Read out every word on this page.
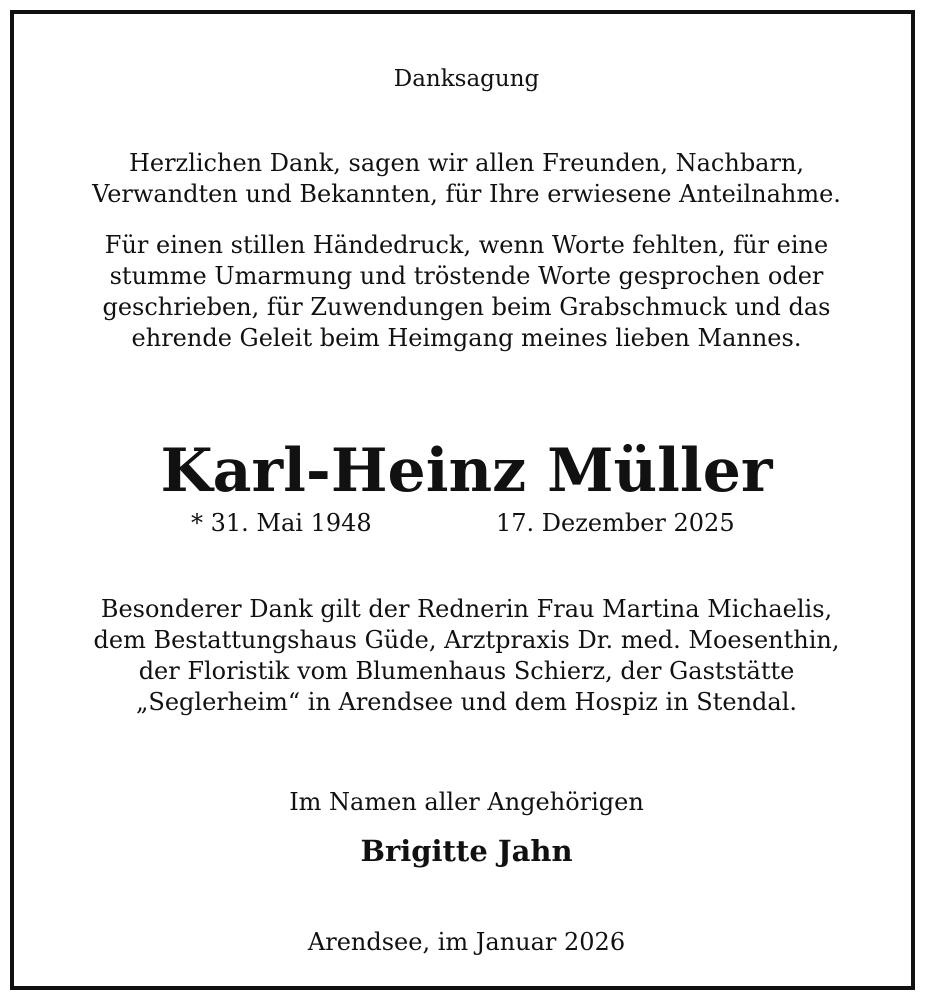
Danksagung

Herzlichen Dank, sagen wir allen Freunden, Nachbarn,
Verwandten und Bekannten, für Ihre erwiesene Anteilnahme.
Für einen stillen Händedruck, wenn Worte fehlten, für eine
stumme Umarmung und tröstende Worte gesprochen oder
geschrieben, für Zuwendungen beim Grabschmuck und das
ehrende Geleit beim Heimgang meines lieben Mannes.

Karl-Heinz Müller

* 31. Mai 1948	17. Dezember 2025
Besonderer Dank gilt der Rednerin Frau Martina Michaelis,
dem Bestattungshaus Güde, Arztpraxis Dr. med. Moesenthin,
der Floristik vom Blumenhaus Schierz, der Gaststätte
„Seglerheim“ in Arendsee und dem Hospiz in Stendal.

Im Namen aller Angehörigen

Brigitte Jahn

Arendsee, im Januar 2026
